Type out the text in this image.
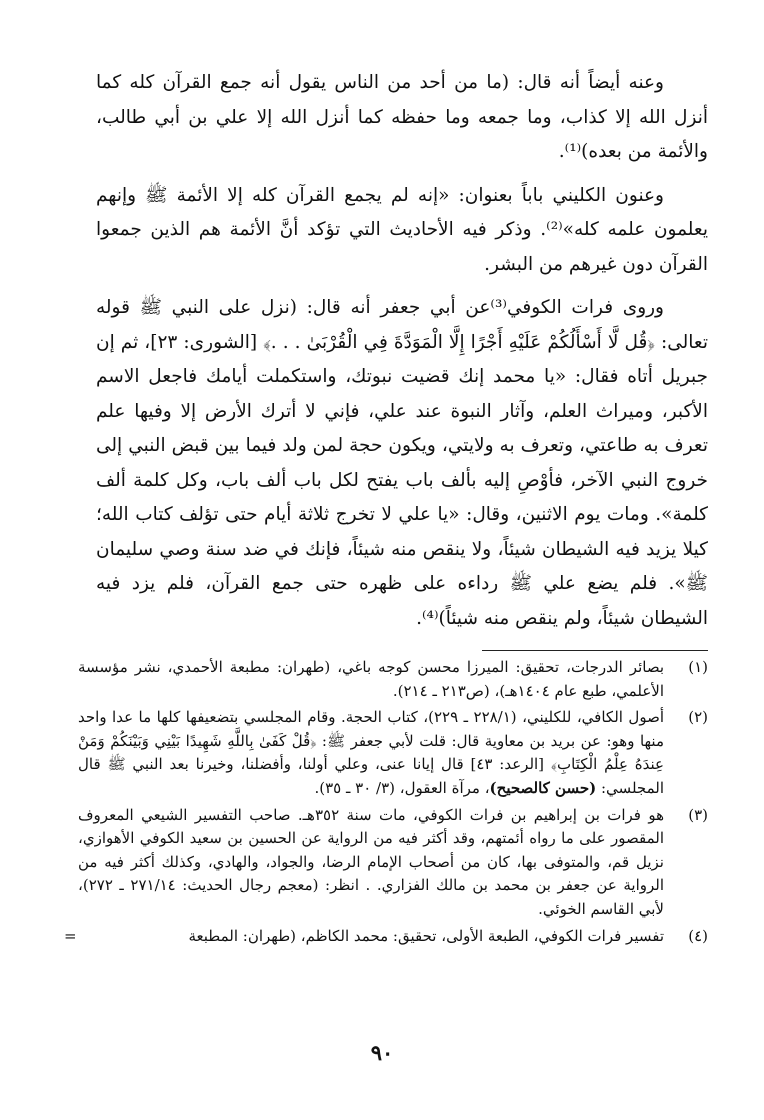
وعنه أيضاً أنه قال: (ما من أحد من الناس يقول أنه جمع القرآن كله كما أنزل الله إلا كذاب، وما جمعه وما حفظه كما أنزل الله إلا علي بن أبي طالب، والأئمة من بعده)⁽¹⁾.

وعنون الكليني باباً بعنوان: «إنه لم يجمع القرآن كله إلا الأئمة ﷺ وإنهم يعلمون علمه كله»⁽²⁾. وذكر فيه الأحاديث التي تؤكد أنَّ الأئمة هم الذين جمعوا القرآن دون غيرهم من البشر.

وروى فرات الكوفي⁽³⁾عن أبي جعفر أنه قال: (نزل على النبي ﷺ قوله تعالى: ﴿قُل لَّا أَسْأَلُكُمْ عَلَيْهِ أَجْرًا إِلَّا الْمَوَدَّةَ فِي الْقُرْبَىٰ . . .﴾ [الشورى: ٢٣]، ثم إن جبريل أتاه فقال: «يا محمد إنك قضيت نبوتك، واستكملت أيامك فاجعل الاسم الأكبر، وميراث العلم، وآثار النبوة عند علي، فإني لا أترك الأرض إلا وفيها علم تعرف به طاعتي، وتعرف به ولايتي، ويكون حجة لمن ولد فيما بين قبض النبي إلى خروج النبي الآخر، فأوْصِ إليه بألف باب يفتح لكل باب ألف باب، وكل كلمة ألف كلمة». ومات يوم الاثنين، وقال: «يا علي لا تخرج ثلاثة أيام حتى تؤلف كتاب الله؛ كيلا يزيد فيه الشيطان شيئاً، ولا ينقص منه شيئاً، فإنك في ضد سنة وصي سليمان ﷺ». فلم يضع علي ﷺ رداءه على ظهره حتى جمع القرآن، فلم يزد فيه الشيطان شيئاً، ولم ينقص منه شيئاً)⁽⁴⁾.

(١)
بصائر الدرجات، تحقيق: الميرزا محسن كوجه باغي، (طهران: مطبعة الأحمدي، نشر مؤسسة الأعلمي، طبع عام ١٤٠٤هـ)، (ص٢١٣ ـ ٢١٤).
(٢)
أصول الكافي، للكليني، (٢٢٨/١ ـ ٢٢٩)، كتاب الحجة. وقام المجلسي بتضعيفها كلها ما عدا واحد منها وهو: عن بريد بن معاوية قال: قلت لأبي جعفر ﷺ: ﴿قُلْ كَفَىٰ بِاللَّهِ شَهِيدًا بَيْنِي وَبَيْنَكُمْ وَمَنْ عِندَهُ عِلْمُ الْكِتَابِ﴾ [الرعد: ٤٣] قال إيانا عنى، وعلي أولنا، وأفضلنا، وخيرنا بعد النبي ﷺ قال المجلسي: (حسن كالصحيح)، مرآة العقول، (٣/ ٣٠ ـ ٣٥).
(٣)
هو فرات بن إبراهيم بن فرات الكوفي، مات سنة ٣٥٢هـ. صاحب التفسير الشيعي المعروف المقصور على ما رواه أئمتهم، وقد أكثر فيه من الرواية عن الحسين بن سعيد الكوفي الأهوازي، نزيل قم، والمتوفى بها، كان من أصحاب الإمام الرضا، والجواد، والهادي، وكذلك أكثر فيه من الرواية عن جعفر بن محمد بن مالك الفزاري. . انظر: (معجم رجال الحديث: ٢٧١/١٤ ـ ٢٧٢)، لأبي القاسم الخوئي.
(٤)
تفسير فرات الكوفي، الطبعة الأولى، تحقيق: محمد الكاظم، (طهران: المطبعة
=
٩٠
